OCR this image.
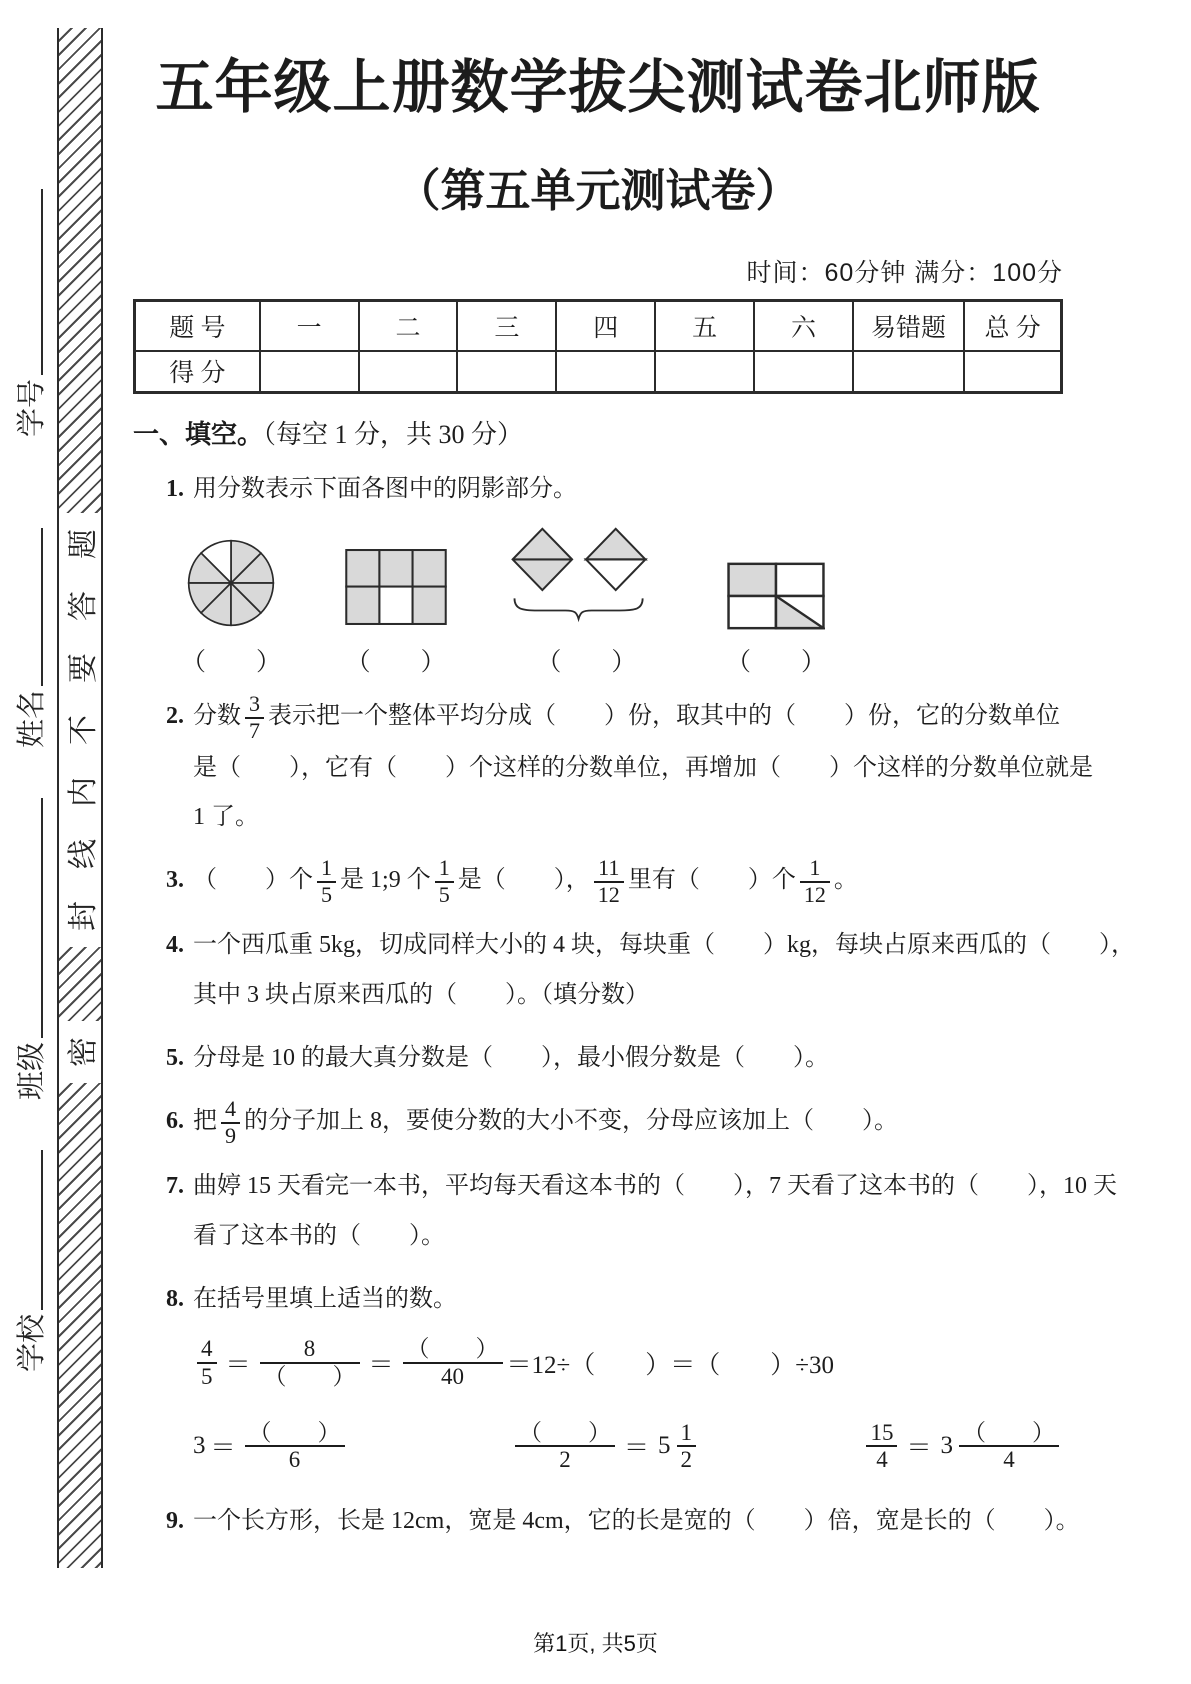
题
答
要
不
内
线
封
密
学号
姓名
班级
学校
五年级上册数学拔尖测试卷北师版
（第五单元测试卷）
时间：60分钟 满分：100分
题 号	一	二	三	四	五	六	易错题	总 分
得 分								
一、填空。（每空 1 分，共 30 分）
1. 用分数表示下面各图中的阴影部分。
（　　）	（　　）	（　　）	（　　）
2. 分数 $\frac{3}{7}$ 表示把一个整体平均分成（　　）份，取其中的（　　）份，它的分数单位
是（　　），它有（　　）个这样的分数单位，再增加（　　）个这样的分数单位就是
1 了。
3. （　　）个 $\frac{1}{5}$ 是 1;9 个 $\frac{1}{5}$ 是（　　）， $\frac{11}{12}$ 里有（　　）个 $\frac{1}{12}$ 。
4. 一个西瓜重 5kg，切成同样大小的 4 块，每块重（　　）kg，每块占原来西瓜的（　　），
其中 3 块占原来西瓜的（　　）。（填分数）
5. 分母是 10 的最大真分数是（　　），最小假分数是（　　）。
6. 把 $\frac{4}{9}$ 的分子加上 8，要使分数的大小不变，分母应该加上（　　）。
7. 曲婷 15 天看完一本书，平均每天看这本书的（　　），7 天看了这本书的（　　），10 天
看了这本书的（　　）。
8. 在括号里填上适当的数。
$\frac{4}{5} = \frac{8}{( )} = \frac{( )}{40} =12\div$（　　）＝（　　）÷30
$3 = \frac{( )}{6}$	$\frac{( )}{2} = 5 \frac{1}{2}$	$\frac{15}{4} = 3 \frac{( )}{4}$
9. 一个长方形，长是 12cm，宽是 4cm，它的长是宽的（　　）倍，宽是长的（　　）。
第1页, 共5页
